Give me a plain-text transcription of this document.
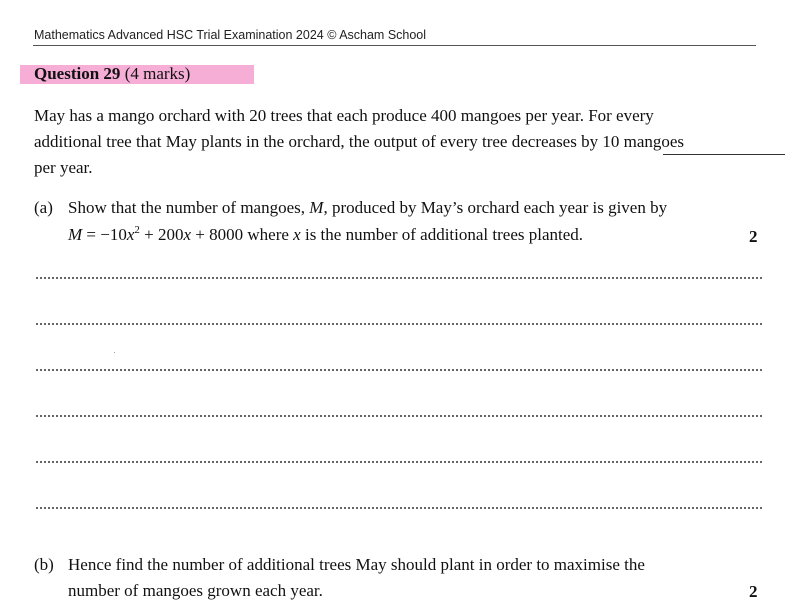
Mathematics Advanced HSC Trial Examination 2024 © Ascham School
Question 29 (4 marks)
May has a mango orchard with 20 trees that each produce 400 mangoes per year. For every
additional tree that May plants in the orchard, the output of every tree decreases by 10 mangoes
per year.
(a) Show that the number of mangoes, M, produced by May’s orchard each year is given by
$M = -10x^2 + 200x + 8000$ where x is the number of additional trees planted.	2
(b) Hence find the number of additional trees May should plant in order to maximise the
number of mangoes grown each year.	2
